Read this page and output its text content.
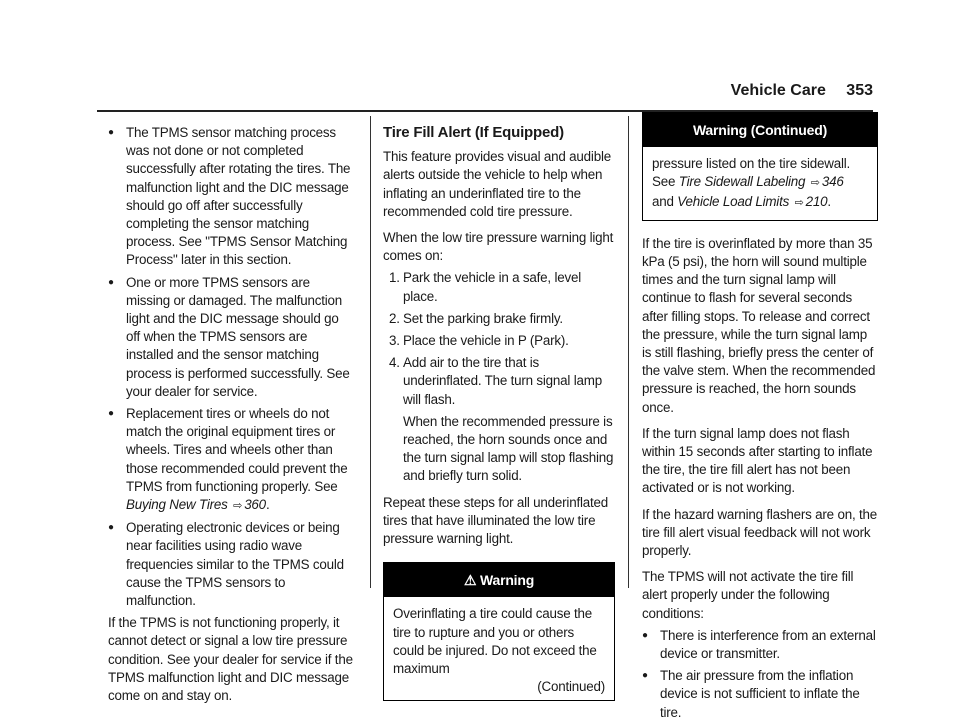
Vehicle Care 353
● The TPMS sensor matching process was not done or not completed successfully after rotating the tires. The malfunction light and the DIC message should go off after successfully completing the sensor matching process. See "TPMS Sensor Matching Process" later in this section.
● One or more TPMS sensors are missing or damaged. The malfunction light and the DIC message should go off when the TPMS sensors are installed and the sensor matching process is performed successfully. See your dealer for service.
● Replacement tires or wheels do not match the original equipment tires or wheels. Tires and wheels other than those recommended could prevent the TPMS from functioning properly. See Buying New Tires ⇨ 360.
● Operating electronic devices or being near facilities using radio wave frequencies similar to the TPMS could cause the TPMS sensors to malfunction.

If the TPMS is not functioning properly, it cannot detect or signal a low tire pressure condition. See your dealer for service if the TPMS malfunction light and DIC message come on and stay on.

Tire Fill Alert (If Equipped)

This feature provides visual and audible alerts outside the vehicle to help when inflating an underinflated tire to the recommended cold tire pressure.

When the low tire pressure warning light comes on:

1. Park the vehicle in a safe, level place.
2. Set the parking brake firmly.
3. Place the vehicle in P (Park).
4. Add air to the tire that is underinflated. The turn signal lamp will flash.
When the recommended pressure is reached, the horn sounds once and the turn signal lamp will stop flashing and briefly turn solid.

Repeat these steps for all underinflated tires that have illuminated the low tire pressure warning light.

⚠ Warning
Overinflating a tire could cause the tire to rupture and you or others could be injured. Do not exceed the maximum
(Continued)
Warning (Continued)
pressure listed on the tire sidewall. See Tire Sidewall Labeling ⇨ 346 and Vehicle Load Limits ⇨ 210.

If the tire is overinflated by more than 35 kPa (5 psi), the horn will sound multiple times and the turn signal lamp will continue to flash for several seconds after filling stops. To release and correct the pressure, while the turn signal lamp is still flashing, briefly press the center of the valve stem. When the recommended pressure is reached, the horn sounds once.

If the turn signal lamp does not flash within 15 seconds after starting to inflate the tire, the tire fill alert has not been activated or is not working.

If the hazard warning flashers are on, the tire fill alert visual feedback will not work properly.

The TPMS will not activate the tire fill alert properly under the following conditions:

● There is interference from an external device or transmitter.
● The air pressure from the inflation device is not sufficient to inflate the tire.
